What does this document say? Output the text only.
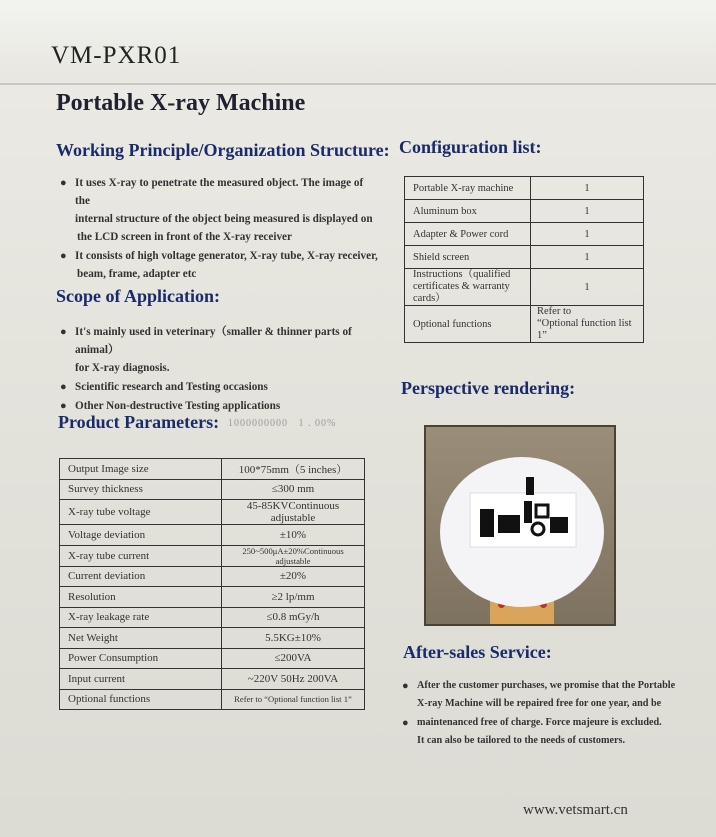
VM-PXR01
Portable X-ray Machine
Working Principle/Organization Structure:
● It uses X-ray to penetrate the measured object. The image of the
internal structure of the object being measured is displayed on
the LCD screen in front of the X-ray receiver
● It consists of high voltage generator, X-ray tube, X-ray receiver,
beam, frame, adapter etc
Scope of Application:
● It's mainly used in veterinary（smaller & thinner parts of animal）
for X-ray diagnosis.
● Scientific research and Testing occasions
● Other Non-destructive Testing applications
Product Parameters: 1000000000   1 . 00%
Output Image size	100*75mm（5 inches）
Survey thickness	≤300 mm
X-ray tube voltage	45-85KVContinuous adjustable
Voltage deviation	±10%
X-ray tube current	250~500μA±20%Continuous adjustable
Current deviation	±20%
Resolution	≥2 lp/mm
X-ray leakage rate	≤0.8 mGy/h
Net Weight	5.5KG±10%
Power Consumption	≤200VA
Input current	~220V 50Hz 200VA
Optional functions	Refer to “Optional function list 1”
Configuration list:
Portable X-ray machine	1
Aluminum box	1
Adapter & Power cord	1
Shield screen	1

Instructions（qualified
certificates & warranty cards）	1
Optional functions	Refer to
“Optional function list 1”
Perspective rendering:
After-sales Service:
● After the customer purchases, we promise that the Portable
X-ray Machine will be repaired free for one year, and be
● maintenanced free of charge. Force majeure is excluded.
It can also be tailored to the needs of customers.
www.vetsmart.cn
